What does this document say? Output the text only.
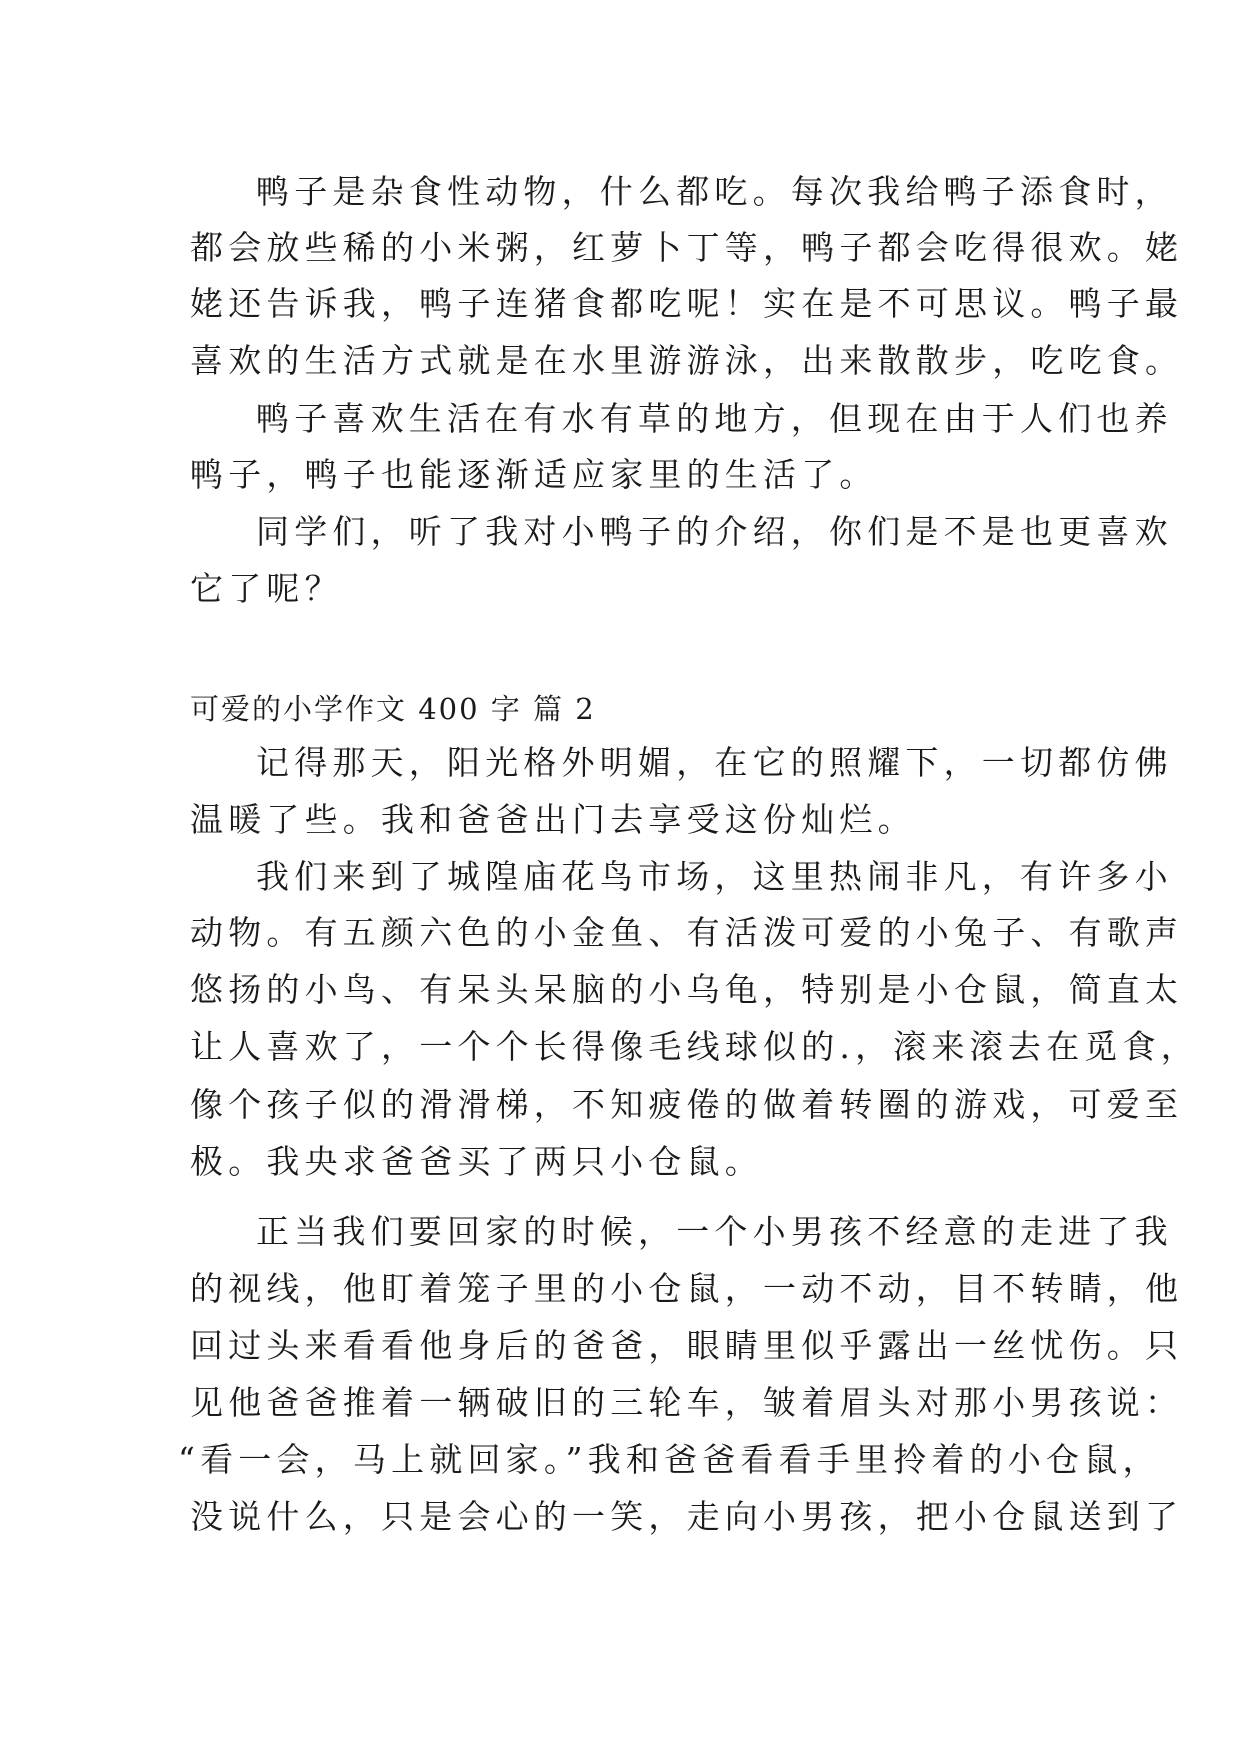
鸭子是杂食性动物，什么都吃。每次我给鸭子添食时，
都会放些稀的小米粥，红萝卜丁等，鸭子都会吃得很欢。姥
姥还告诉我，鸭子连猪食都吃呢！实在是不可思议。鸭子最
喜欢的生活方式就是在水里游游泳，出来散散步，吃吃食。
鸭子喜欢生活在有水有草的地方，但现在由于人们也养
鸭子，鸭子也能逐渐适应家里的生活了。
同学们，听了我对小鸭子的介绍，你们是不是也更喜欢
它了呢？
可爱的小学作文 400 字 篇 2
记得那天，阳光格外明媚，在它的照耀下，一切都仿佛
温暖了些。我和爸爸出门去享受这份灿烂。
我们来到了城隍庙花鸟市场，这里热闹非凡，有许多小
动物。有五颜六色的小金鱼、有活泼可爱的小兔子、有歌声
悠扬的小鸟、有呆头呆脑的小乌龟，特别是小仓鼠，简直太
让人喜欢了，一个个长得像毛线球似的.，滚来滚去在觅食，
像个孩子似的滑滑梯，不知疲倦的做着转圈的游戏，可爱至
极。我央求爸爸买了两只小仓鼠。
正当我们要回家的时候，一个小男孩不经意的走进了我
的视线，他盯着笼子里的小仓鼠，一动不动，目不转睛，他
回过头来看看他身后的爸爸，眼睛里似乎露出一丝忧伤。只
见他爸爸推着一辆破旧的三轮车，皱着眉头对那小男孩说：
“看一会，马上就回家。”我和爸爸看看手里拎着的小仓鼠，
没说什么，只是会心的一笑，走向小男孩，把小仓鼠送到了
